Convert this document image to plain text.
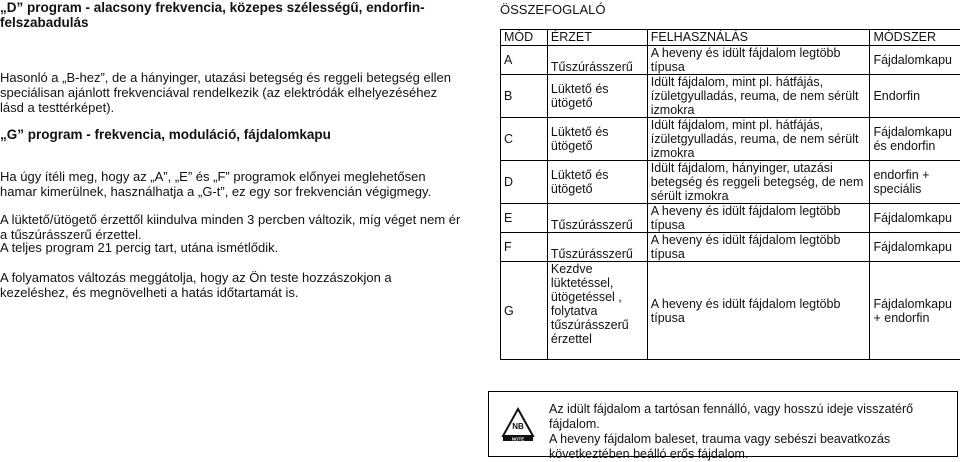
„D” program - alacsony frekvencia, közepes szélességű, endorfin-felszabadulás

Hasonló a „B-hez”, de a hányinger, utazási betegség és reggeli betegség ellen speciálisan ajánlott frekvenciával rendelkezik (az elektródák elhelyezéséhez lásd a testtérképet).

„G” program - frekvencia, moduláció, fájdalomkapu

Ha úgy ítéli meg, hogy az „A”, „E” és „F” programok előnyei meglehetősen hamar kimerülnek, használhatja a „G-t”, ez egy sor frekvencián végigmegy.

A lüktető/ütögető érzettől kiindulva minden 3 percben változik, míg véget nem ér a tűszúrásszerű érzettel.

A teljes program 21 percig tart, utána ismétlődik.

A folyamatos változás meggátolja, hogy az Ön teste hozzászokjon a kezeléshez, és megnövelheti a hatás időtartamát is.

ÖSSZEFOGLALÓ
MÓD	ÉRZET	FELHASZNÁLÁS	MÓDSZER
A	Tűszúrásszerű	A heveny és idült fájdalom legtöbb típusa	Fájdalomkapu
B	Lüktető és ütögető	Idült fájdalom, mint pl. hátfájás, ízületgyulladás, reuma, de nem sérült izmokra	Endorfin
C	Lüktető és ütögető	Idült fájdalom, mint pl. hátfájás, ízületgyulladás, reuma, de nem sérült izmokra	Fájdalomkapu és endorfin
D	Lüktető és ütögető	Idült fájdalom, hányinger, utazási betegség és reggeli betegség, de nem sérült izmokra	endorfin + speciális
E	Tűszúrásszerű	A heveny és idült fájdalom legtöbb típusa	Fájdalomkapu
F	Tűszúrásszerű	A heveny és idült fájdalom legtöbb típusa	Fájdalomkapu
G	Kezdve lüktetéssel, ütögetéssel , folytatva tűszúrásszerű érzettel	A heveny és idült fájdalom legtöbb típusa	Fájdalomkapu + endorfin
NB
NOTE
Az idült fájdalom a tartósan fennálló, vagy hosszú ideje visszatérő fájdalom.
A heveny fájdalom baleset, trauma vagy sebészi beavatkozás következtében beálló erős fájdalom.
